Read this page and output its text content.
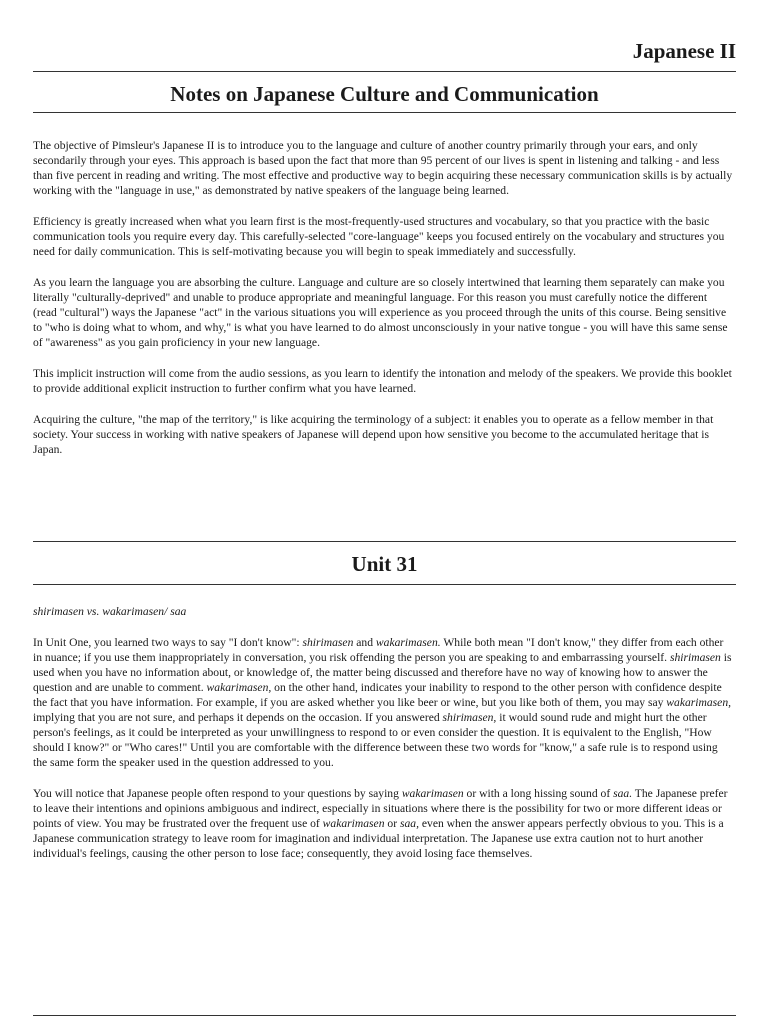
Japanese II
Notes on Japanese Culture and Communication

The objective of Pimsleur's Japanese II is to introduce you to the language and culture of another country primarily through your ears, and only secondarily through your eyes. This approach is based upon the fact that more than 95 percent of our lives is spent in listening and talking - and less than five percent in reading and writing. The most effective and productive way to begin acquiring these necessary communication skills is by actually working with the "language in use," as demonstrated by native speakers of the language being learned.

Efficiency is greatly increased when what you learn first is the most-frequently-used structures and vocabulary, so that you practice with the basic communication tools you require every day. This carefully-selected "core-language" keeps you focused entirely on the vocabulary and structures you need for daily communication. This is self-motivating because you will begin to speak immediately and successfully.

As you learn the language you are absorbing the culture. Language and culture are so closely intertwined that learning them separately can make you literally "culturally-deprived" and unable to produce appropriate and meaningful language. For this reason you must carefully notice the different (read "cultural") ways the Japanese "act" in the various situations you will experience as you proceed through the units of this course. Being sensitive to "who is doing what to whom, and why," is what you have learned to do almost unconsciously in your native tongue - you will have this same sense of "awareness" as you gain proficiency in your new language.

This implicit instruction will come from the audio sessions, as you learn to identify the intonation and melody of the speakers. We provide this booklet to provide additional explicit instruction to further confirm what you have learned.

Acquiring the culture, "the map of the territory," is like acquiring the terminology of a subject: it enables you to operate as a fellow member in that society. Your success in working with native speakers of Japanese will depend upon how sensitive you become to the accumulated heritage that is Japan.

Unit 31

shirimasen vs. wakarimasen/ saa

In Unit One, you learned two ways to say "I don't know": shirimasen and wakarimasen. While both mean "I don't know," they differ from each other in nuance; if you use them inappropriately in conversation, you risk offending the person you are speaking to and embarrassing yourself. shirimasen is used when you have no information about, or knowledge of, the matter being discussed and therefore have no way of knowing how to answer the question and are unable to comment. wakarimasen, on the other hand, indicates your inability to respond to the other person with confidence despite the fact that you have information. For example, if you are asked whether you like beer or wine, but you like both of them, you may say wakarimasen, implying that you are not sure, and perhaps it depends on the occasion. If you answered shirimasen, it would sound rude and might hurt the other person's feelings, as it could be interpreted as your unwillingness to respond to or even consider the question. It is equivalent to the English, "How should I know?" or "Who cares!" Until you are comfortable with the difference between these two words for "know," a safe rule is to respond using the same form the speaker used in the question addressed to you.

You will notice that Japanese people often respond to your questions by saying wakarimasen or with a long hissing sound of saa. The Japanese prefer to leave their intentions and opinions ambiguous and indirect, especially in situations where there is the possibility for two or more different ideas or points of view. You may be frustrated over the frequent use of wakarimasen or saa, even when the answer appears perfectly obvious to you. This is a Japanese communication strategy to leave room for imagination and individual interpretation. The Japanese use extra caution not to hurt another individual's feelings, causing the other person to lose face; consequently, they avoid losing face themselves.
